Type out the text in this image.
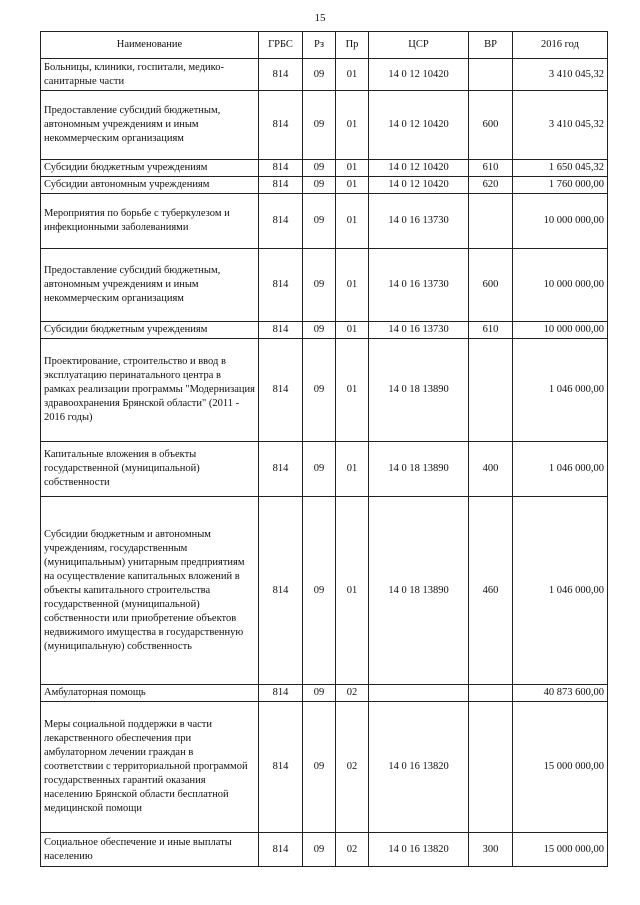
15
Наименование	ГРБС	Рз	Пр	ЦСР	ВР	2016 год
Больницы, клиники, госпитали, медико-санитарные части	814	09	01	14 0 12 10420		3 410 045,32
Предоставление субсидий бюджетным, автономным учреждениям и иным некоммерческим организациям	814	09	01	14 0 12 10420	600	3 410 045,32
Субсидии бюджетным учреждениям	814	09	01	14 0 12 10420	610	1 650 045,32
Субсидии автономным учреждениям	814	09	01	14 0 12 10420	620	1 760 000,00
Мероприятия по борьбе с туберкулезом и инфекционными заболеваниями	814	09	01	14 0 16 13730		10 000 000,00
Предоставление субсидий бюджетным, автономным учреждениям и иным некоммерческим организациям	814	09	01	14 0 16 13730	600	10 000 000,00
Субсидии бюджетным учреждениям	814	09	01	14 0 16 13730	610	10 000 000,00
Проектирование, строительство и ввод в эксплуатацию перинатального центра в рамках реализации программы "Модернизация здравоохранения Брянской области" (2011 - 2016 годы)	814	09	01	14 0 18 13890		1 046 000,00
Капитальные вложения в объекты государственной (муниципальной) собственности	814	09	01	14 0 18 13890	400	1 046 000,00
Субсидии бюджетным и автономным учреждениям, государственным (муниципальным) унитарным предприятиям на осуществление капитальных вложений в объекты капитального строительства государственной (муниципальной) собственности или приобретение объектов недвижимого имущества в государственную (муниципальную) собственность	814	09	01	14 0 18 13890	460	1 046 000,00
Амбулаторная помощь	814	09	02			40 873 600,00
Меры социальной поддержки в части лекарственного обеспечения при амбулаторном лечении граждан в соответствии с территориальной программой государственных гарантий оказания населению Брянской области бесплатной медицинской помощи	814	09	02	14 0 16 13820		15 000 000,00
Социальное обеспечение и иные выплаты населению	814	09	02	14 0 16 13820	300	15 000 000,00
